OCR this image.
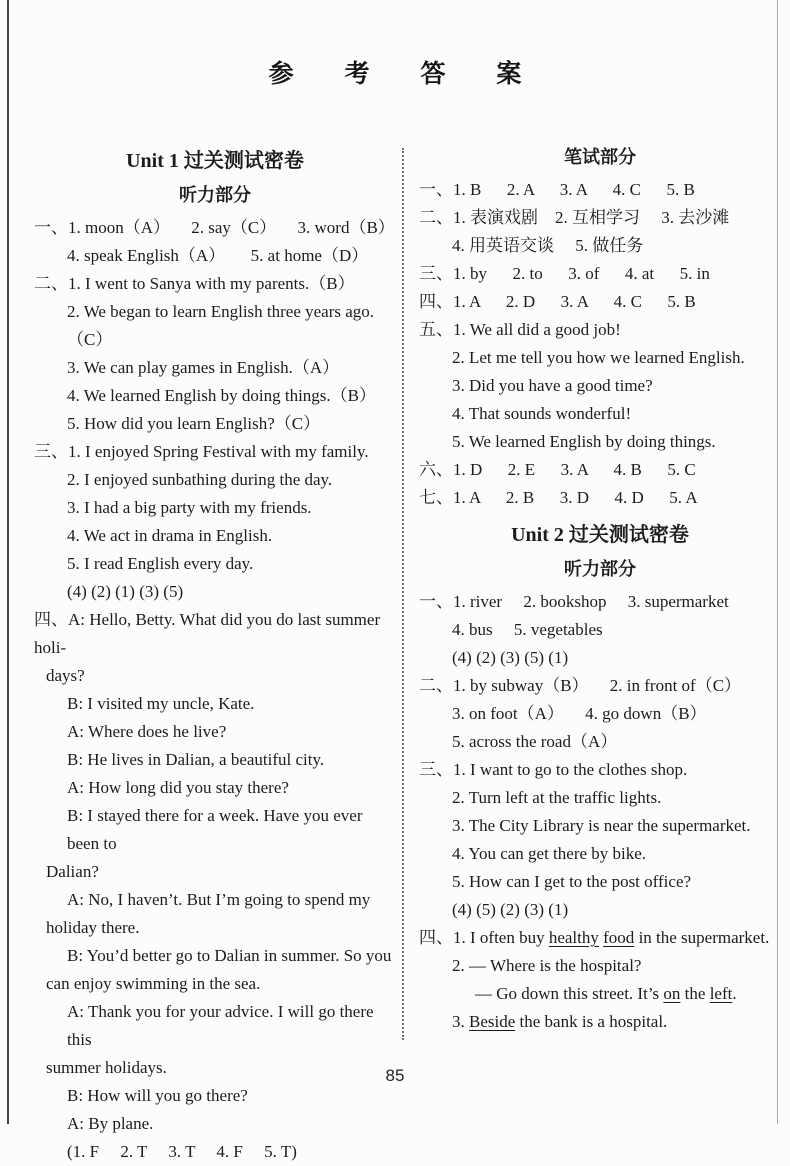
参 考 答 案
Unit 1 过关测试密卷
听力部分
一、1. moon（A）     2. say（C）     3. word（B）
4. speak English（A）      5. at home（D）
二、1. I went to Sanya with my parents.（B）
2. We began to learn English three years ago.（C）
3. We can play games in English.（A）
4. We learned English by doing things.（B）
5. How did you learn English?（C）
三、1. I enjoyed Spring Festival with my family.
2. I enjoyed sunbathing during the day.
3. I had a big party with my friends.
4. We act in drama in English.
5. I read English every day.
(4) (2) (1) (3) (5)
四、A: Hello, Betty. What did you do last summer holi-
days?
B: I visited my uncle, Kate.
A: Where does he live?
B: He lives in Dalian, a beautiful city.
A: How long did you stay there?
B: I stayed there for a week. Have you ever been to
Dalian?
A: No, I haven’t. But I’m going to spend my
holiday there.
B: You’d better go to Dalian in summer. So you
can enjoy swimming in the sea.
A: Thank you for your advice. I will go there this
summer holidays.
B: How will you go there?
A: By plane.
(1. F     2. T     3. T     4. F     5. T)
笔试部分
一、1. B      2. A      3. A      4. C      5. B
二、1. 表演戏剧    2. 互相学习     3. 去沙滩
4. 用英语交谈     5. 做任务
三、1. by      2. to      3. of      4. at      5. in
四、1. A      2. D      3. A      4. C      5. B
五、1. We all did a good job!
2. Let me tell you how we learned English.
3. Did you have a good time?
4. That sounds wonderful!
5. We learned English by doing things.
六、1. D      2. E      3. A      4. B      5. C
七、1. A      2. B      3. D      4. D      5. A
Unit 2 过关测试密卷
听力部分
一、1. river     2. bookshop     3. supermarket
4. bus     5. vegetables
(4) (2) (3) (5) (1)
二、1. by subway（B）     2. in front of（C）
3. on foot（A）     4. go down（B）
5. across the road（A）
三、1. I want to go to the clothes shop.
2. Turn left at the traffic lights.
3. The City Library is near the supermarket.
4. You can get there by bike.
5. How can I get to the post office?
(4) (5) (2) (3) (1)
四、1. I often buy healthy food in the supermarket.
2. — Where is the hospital?
— Go down this street. It’s on the left.
3. Beside the bank is a hospital.
85
